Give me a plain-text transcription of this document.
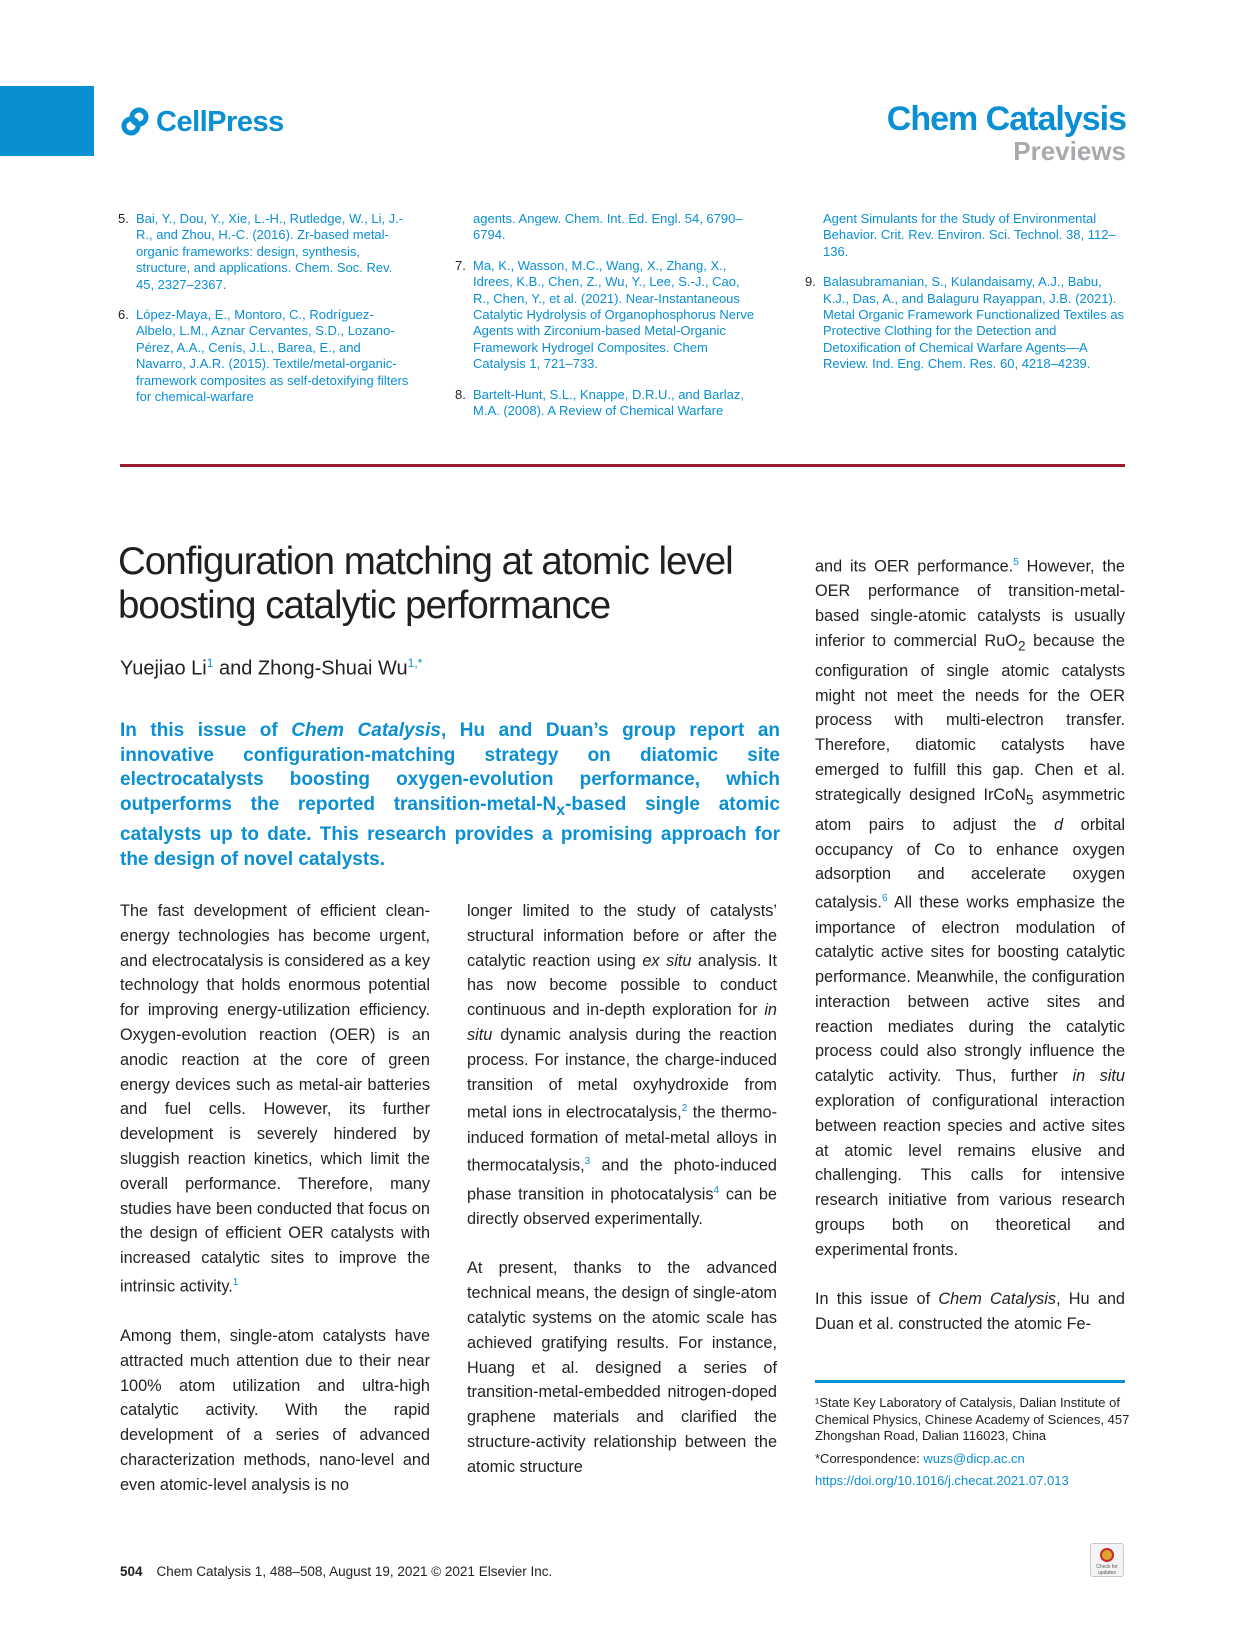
CellPress	Chem Catalysis
Previews
5. Bai, Y., Dou, Y., Xie, L.-H., Rutledge, W., Li, J.-R., and Zhou, H.-C. (2016). Zr-based metal-organic frameworks: design, synthesis, structure, and applications. Chem. Soc. Rev. 45, 2327–2367.
6. López-Maya, E., Montoro, C., Rodríguez-Albelo, L.M., Aznar Cervantes, S.D., Lozano-Pérez, A.A., Cenís, J.L., Barea, E., and Navarro, J.A.R. (2015). Textile/metal-organic-framework composites as self-detoxifying filters for chemical-warfare
agents. Angew. Chem. Int. Ed. Engl. 54, 6790–6794.
7. Ma, K., Wasson, M.C., Wang, X., Zhang, X., Idrees, K.B., Chen, Z., Wu, Y., Lee, S.-J., Cao, R., Chen, Y., et al. (2021). Near-Instantaneous Catalytic Hydrolysis of Organophosphorus Nerve Agents with Zirconium-based Metal-Organic Framework Hydrogel Composites. Chem Catalysis 1, 721–733.
8. Bartelt-Hunt, S.L., Knappe, D.R.U., and Barlaz, M.A. (2008). A Review of Chemical Warfare
Agent Simulants for the Study of Environmental Behavior. Crit. Rev. Environ. Sci. Technol. 38, 112–136.
9. Balasubramanian, S., Kulandaisamy, A.J., Babu, K.J., Das, A., and Balaguru Rayappan, J.B. (2021). Metal Organic Framework Functionalized Textiles as Protective Clothing for the Detection and Detoxification of Chemical Warfare Agents—A Review. Ind. Eng. Chem. Res. 60, 4218–4239.
Configuration matching at atomic level boosting catalytic performance
Yuejiao Li$^1$ and Zhong-Shuai $Wu^{1,*}$
In this issue of Chem Catalysis, Hu and Duan’s group report an innovative configuration-matching strategy on diatomic site electrocatalysts boosting oxygen-evolution performance, which outperforms the reported transition-$metal-N_x$-based single atomic catalysts up to date. This research provides a promising approach for the design of novel catalysts.

The fast development of efficient clean-energy technologies has become urgent, and electrocatalysis is considered as a key technology that holds enormous potential for improving energy-utilization efficiency. Oxygen-evolution reaction (OER) is an anodic reaction at the core of green energy devices such as metal-air batteries and fuel cells. However, its further development is severely hindered by sluggish reaction kinetics, which limit the overall performance. Therefore, many studies have been conducted that focus on the design of efficient OER catalysts with increased catalytic sites to improve the intrinsic activity.$^1$

Among them, single-atom catalysts have attracted much attention due to their near 100% atom utilization and ultra-high catalytic activity. With the rapid development of a series of advanced characterization methods, nano-level and even atomic-level analysis is no

longer limited to the study of catalysts’ structural information before or after the catalytic reaction using ex situ analysis. It has now become possible to conduct continuous and in-depth exploration for in situ dynamic analysis during the reaction process. For instance, the charge-induced transition of metal oxyhydroxide from metal ions in electrocatalysis,$^2$ the thermo-induced formation of metal-metal alloys in thermocatalysis,$^3$ and the photo-induced phase transition in photocatalysis$^4$ can be directly observed experimentally.

At present, thanks to the advanced technical means, the design of single-atom catalytic systems on the atomic scale has achieved gratifying results. For instance, Huang et al. designed a series of transition-metal-embedded nitrogen-doped graphene materials and clarified the structure-activity relationship between the atomic structure

and its OER performance.$^5$ However, the OER performance of transition-metal-based single-atomic catalysts is usually inferior to commercial RuO$_2$ because the configuration of single atomic catalysts might not meet the needs for the OER process with multi-electron transfer. Therefore, diatomic catalysts have emerged to fulfill this gap. Chen et al. strategically designed IrCoN$_5$ asymmetric atom pairs to adjust the d orbital occupancy of Co to enhance oxygen adsorption and accelerate oxygen catalysis.$^6$ All these works emphasize the importance of electron modulation of catalytic active sites for boosting catalytic performance. Meanwhile, the configuration interaction between active sites and reaction mediates during the catalytic process could also strongly influence the catalytic activity. Thus, further in situ exploration of configurational interaction between reaction species and active sites at atomic level remains elusive and challenging. This calls for intensive research initiative from various research groups both on theoretical and experimental fronts.

In this issue of Chem Catalysis, Hu and Duan et al. constructed the atomic Fe-

¹State Key Laboratory of Catalysis, Dalian Institute of Chemical Physics, Chinese Academy of Sciences, 457 Zhongshan Road, Dalian 116023, China
*Correspondence: wuzs@dicp.ac.cn
https://doi.org/10.1016/j.checat.2021.07.013
504 Chem Catalysis 1, 488–508, August 19, 2021 © 2021 Elsevier Inc.	Check for updates
